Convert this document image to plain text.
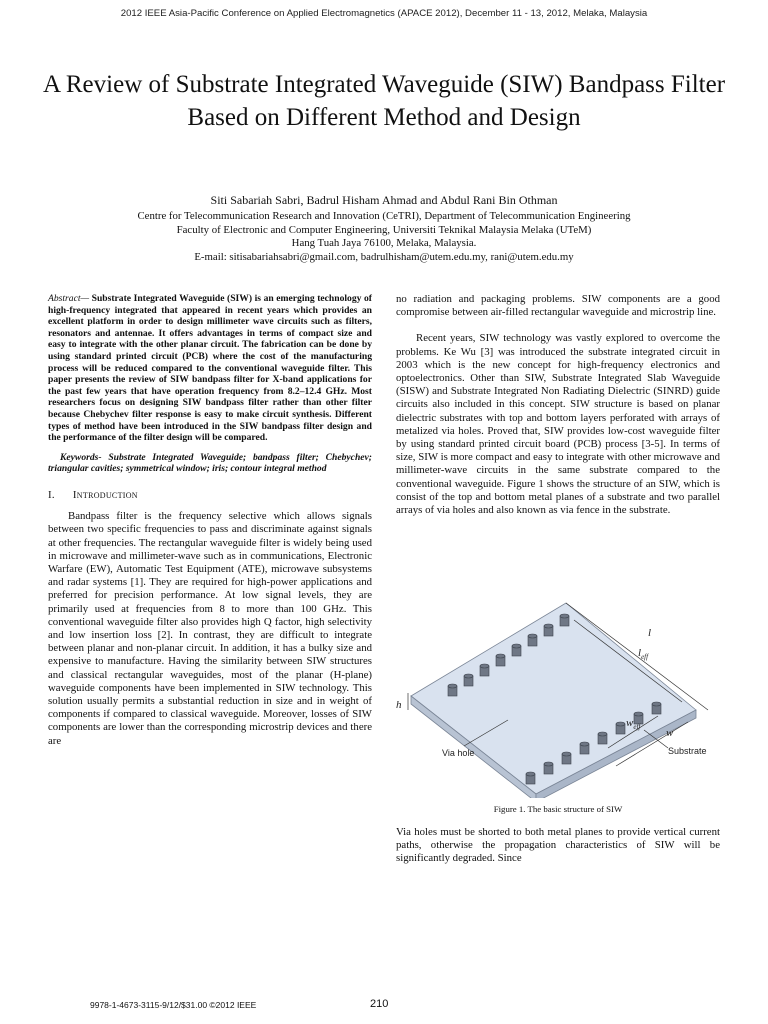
2012 IEEE Asia-Pacific Conference on Applied Electromagnetics (APACE 2012), December 11 - 13, 2012, Melaka, Malaysia
A Review of Substrate Integrated Waveguide (SIW) Bandpass Filter Based on Different Method and Design
Siti Sabariah Sabri, Badrul Hisham Ahmad and Abdul Rani Bin Othman
Centre for Telecommunication Research and Innovation (CeTRI), Department of Telecommunication Engineering
Faculty of Electronic and Computer Engineering, Universiti Teknikal Malaysia Melaka (UTeM)
Hang Tuah Jaya 76100, Melaka, Malaysia.
E-mail: sitisabariahsabri@gmail.com, badrulhisham@utem.edu.my, rani@utem.edu.my

Abstract— Substrate Integrated Waveguide (SIW) is an emerging technology of high-frequency integrated that appeared in recent years which provides an excellent platform in order to design millimeter wave circuits such as filters, resonators and antennae. It offers advantages in terms of compact size and easy to integrate with the other planar circuit. The fabrication can be done by using standard printed circuit (PCB) where the cost of the manufacturing process will be reduced compared to the conventional waveguide filter. This paper presents the review of SIW bandpass filter for X-band applications for the past few years that have operation frequency from 8.2–12.4 GHz. Most researchers focus on designing SIW bandpass filter rather than other filter because Chebychev filter response is easy to make circuit synthesis. Different types of method have been introduced in the SIW bandpass filter design and the performance of the filter design will be compared.

Keywords- Substrate Integrated Waveguide; bandpass filter; Chebychev; triangular cavities; symmetrical window; iris; contour integral method

I. Introduction

Bandpass filter is the frequency selective which allows signals between two specific frequencies to pass and discriminate against signals at other frequencies. The rectangular waveguide filter is widely being used in microwave and millimeter-wave such as in communications, Electronic Warfare (EW), Automatic Test Equipment (ATE), microwave subsystems and radar systems [1]. They are required for high-power applications and preferred for precision performance. At low signal levels, they are primarily used at frequencies from 8 to more than 100 GHz. This conventional waveguide filter also provides high Q factor, high selectivity and low insertion loss [2]. In contrast, they are difficult to integrate between planar and non-planar circuit. In addition, it has a bulky size and expensive to manufacture. Having the similarity between SIW structures and classical rectangular waveguides, most of the planar (H-plane) waveguide components have been implemented in SIW technology. This solution usually permits a substantial reduction in size and in weight of components if compared to classical waveguide. Moreover, losses of SIW components are lower than the corresponding microstrip devices and there are

no radiation and packaging problems. SIW components are a good compromise between air-filled rectangular waveguide and microstrip line.

Recent years, SIW technology was vastly explored to overcome the problems. Ke Wu [3] was introduced the substrate integrated circuit in 2003 which is the new concept for high-frequency electronics and optoelectronics. Other than SIW, Substrate Integrated Slab Waveguide (SISW) and Substrate Integrated Non Radiating Dielectric (SINRD) guide circuits also included in this concept. SIW structure is based on planar dielectric substrates with top and bottom layers perforated with arrays of metalized via holes. Proved that, SIW provides low-cost waveguide filter by using standard printed circuit board (PCB) process [3-5]. In terms of size, SIW is more compact and easy to integrate with other microwave and millimeter-wave circuits in the same substrate compared to the conventional waveguide. Figure 1 shows the structure of an SIW, which is consist of the top and bottom metal planes of a substrate and two parallel arrays of via holes and also known as via fence in the substrate.

l
$l_{eff}$
h
$w_{eff}$ w
Via hole	Substrate
Figure 1. The basic structure of SIW

Via holes must be shorted to both metal planes to provide vertical current paths, otherwise the propagation characteristics of SIW will be significantly degraded. Since

9978-1-4673-3115-9/12/$31.00 ©2012 IEEE	210
